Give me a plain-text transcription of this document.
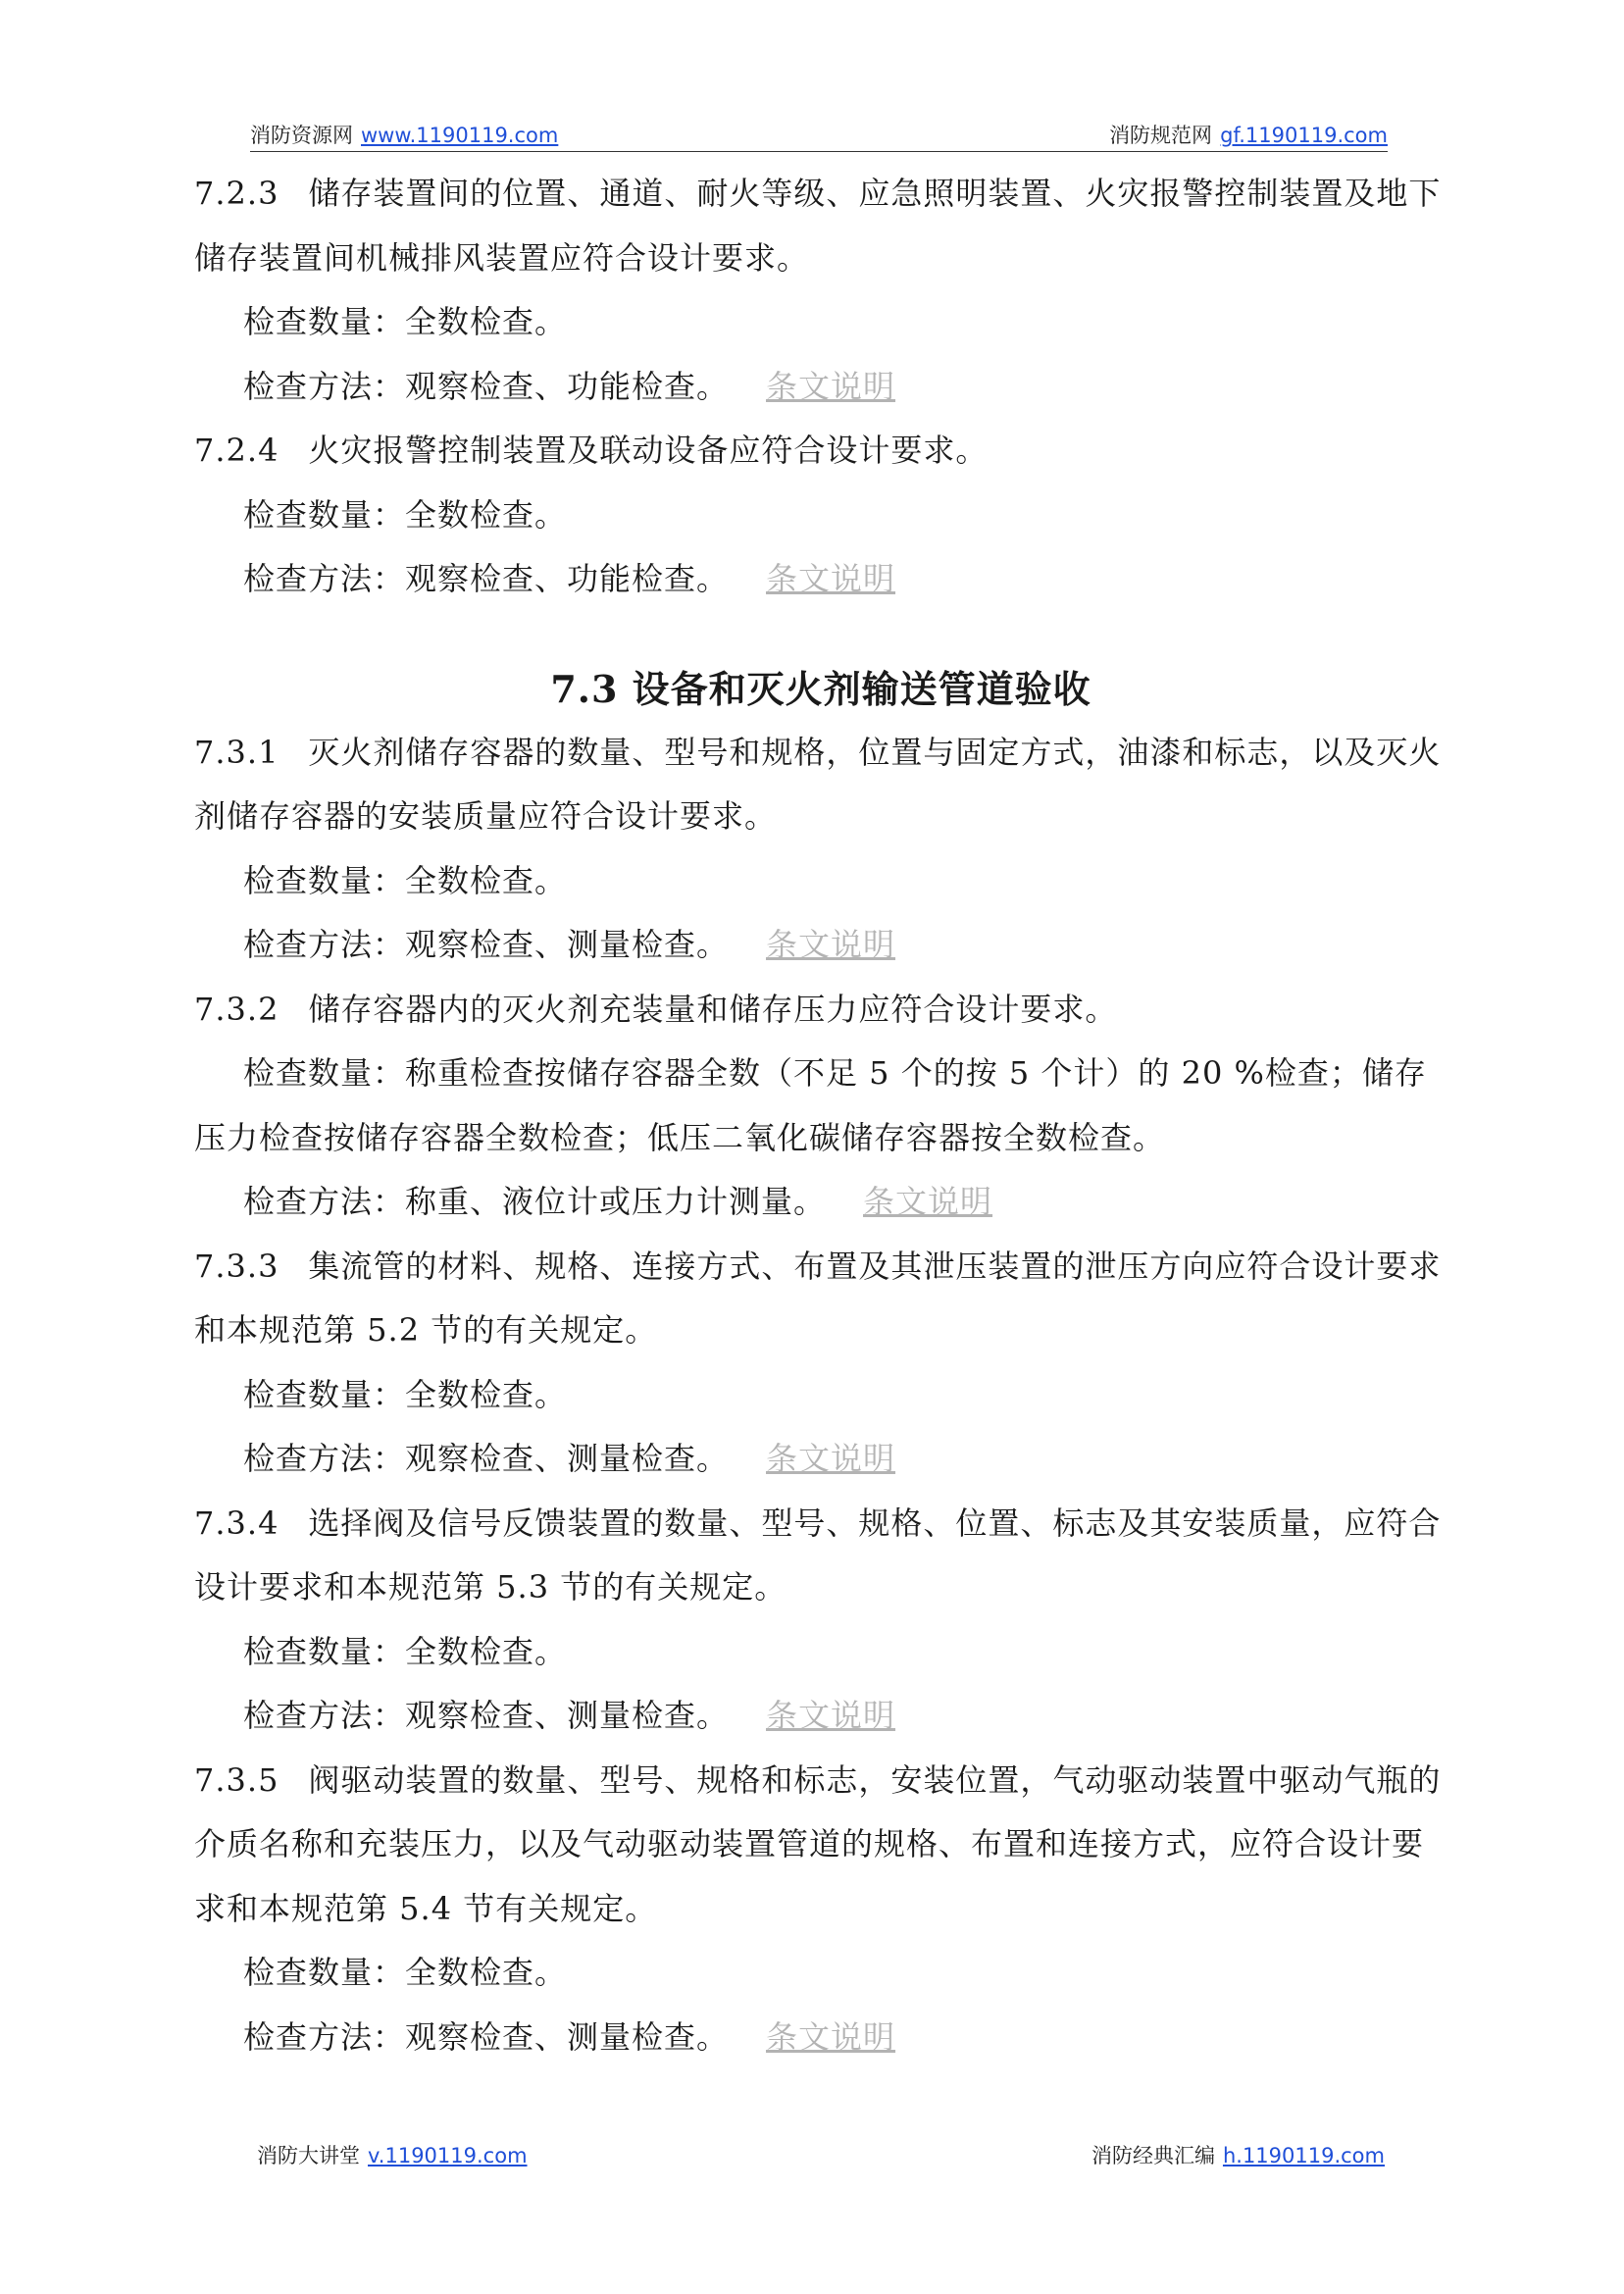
消防资源网 www.1190119.com	消防规范网 gf.1190119.com

7.2.3 储存装置间的位置、通道、耐火等级、应急照明装置、火灾报警控制装置及地下储存装置间机械排风装置应符合设计要求。

检查数量：全数检查。

检查方法：观察检查、功能检查。 条文说明

7.2.4 火灾报警控制装置及联动设备应符合设计要求。

检查数量：全数检查。

检查方法：观察检查、功能检查。 条文说明

7.3 设备和灭火剂输送管道验收

7.3.1 灭火剂储存容器的数量、型号和规格，位置与固定方式，油漆和标志，以及灭火剂储存容器的安装质量应符合设计要求。

检查数量：全数检查。

检查方法：观察检查、测量检查。 条文说明

7.3.2 储存容器内的灭火剂充装量和储存压力应符合设计要求。

检查数量：称重检查按储存容器全数（不足 5 个的按 5 个计）的 20 %检查；储存压力检查按储存容器全数检查；低压二氧化碳储存容器按全数检查。

检查方法：称重、液位计或压力计测量。 条文说明

7.3.3 集流管的材料、规格、连接方式、布置及其泄压装置的泄压方向应符合设计要求和本规范第 5.2 节的有关规定。

检查数量：全数检查。

检查方法：观察检查、测量检查。 条文说明

7.3.4 选择阀及信号反馈装置的数量、型号、规格、位置、标志及其安装质量，应符合设计要求和本规范第 5.3 节的有关规定。

检查数量：全数检查。

检查方法：观察检查、测量检查。 条文说明

7.3.5 阀驱动装置的数量、型号、规格和标志，安装位置，气动驱动装置中驱动气瓶的介质名称和充装压力，以及气动驱动装置管道的规格、布置和连接方式，应符合设计要求和本规范第 5.4 节有关规定。

检查数量：全数检查。

检查方法：观察检查、测量检查。 条文说明

消防大讲堂 v.1190119.com	消防经典汇编 h.1190119.com
